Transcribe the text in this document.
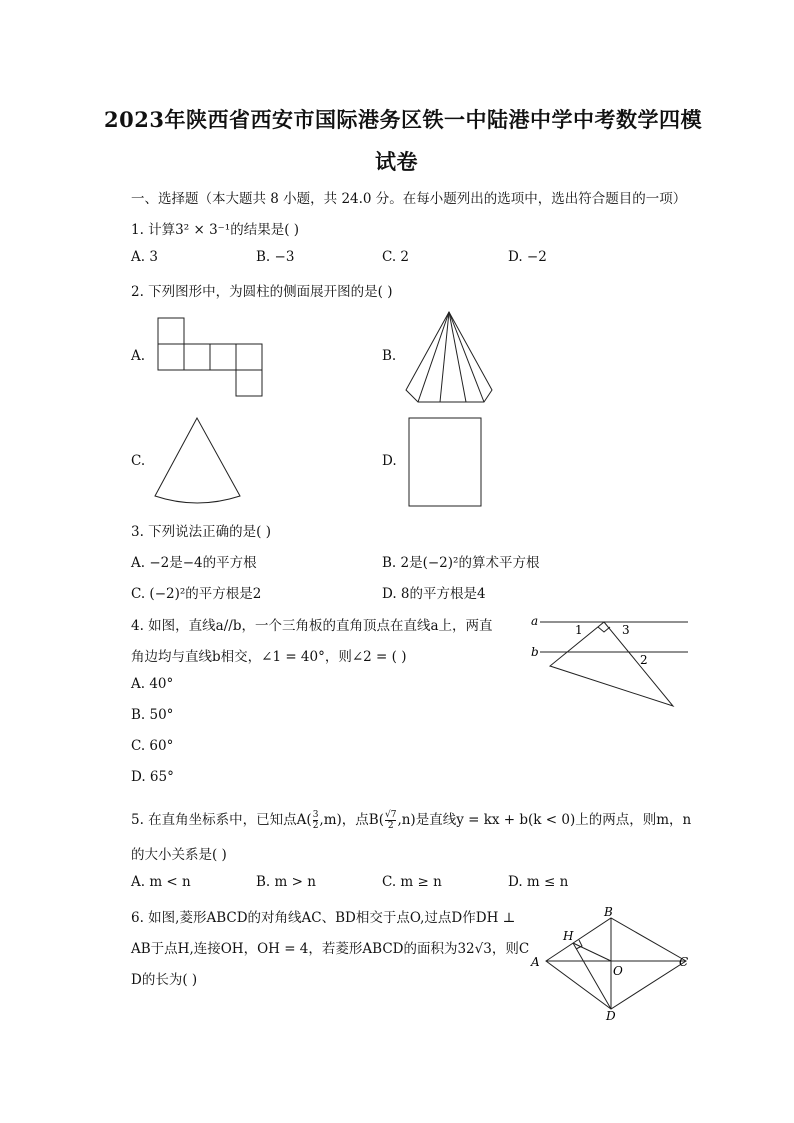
2023年陕西省西安市国际港务区铁一中陆港中学中考数学四模
试卷
一、选择题（本大题共 8 小题，共 24.0 分。在每小题列出的选项中，选出符合题目的一项）
1. 计算3² × 3⁻¹的结果是( )
A. 3	B. −3	C. 2	D. −2
2. 下列图形中，为圆柱的侧面展开图的是( )
A.	B.
C.	D.
3. 下列说法正确的是( )
A. −2是−4的平方根	B. 2是(−2)²的算术平方根
C. (−2)²的平方根是2	D. 8的平方根是4
4. 如图，直线a//b，一个三角板的直角顶点在直线a上，两直
角边均与直线b相交，∠1 = 40°，则∠2 = ( )
A. 40°
B. 50°
C. 60°
D. 65°
a
b
1	3
2
5. 在直角坐标系中，已知点$A( \frac{3}{2} ,m)$，点$B( \frac{√7}{2} ,n)$是直线y = kx + b(k < 0)上的两点，则m，n
的大小关系是( )
A. m < n	B. m > n	C. m ≥ n	D. m ≤ n
6. 如图,菱形ABCD的对角线AC、BD相交于点O,过点D作DH ⊥
AB于点H,连接OH，OH = 4，若菱形ABCD的面积为32√3，则C
D的长为( )
B
A	C
D
H
O
